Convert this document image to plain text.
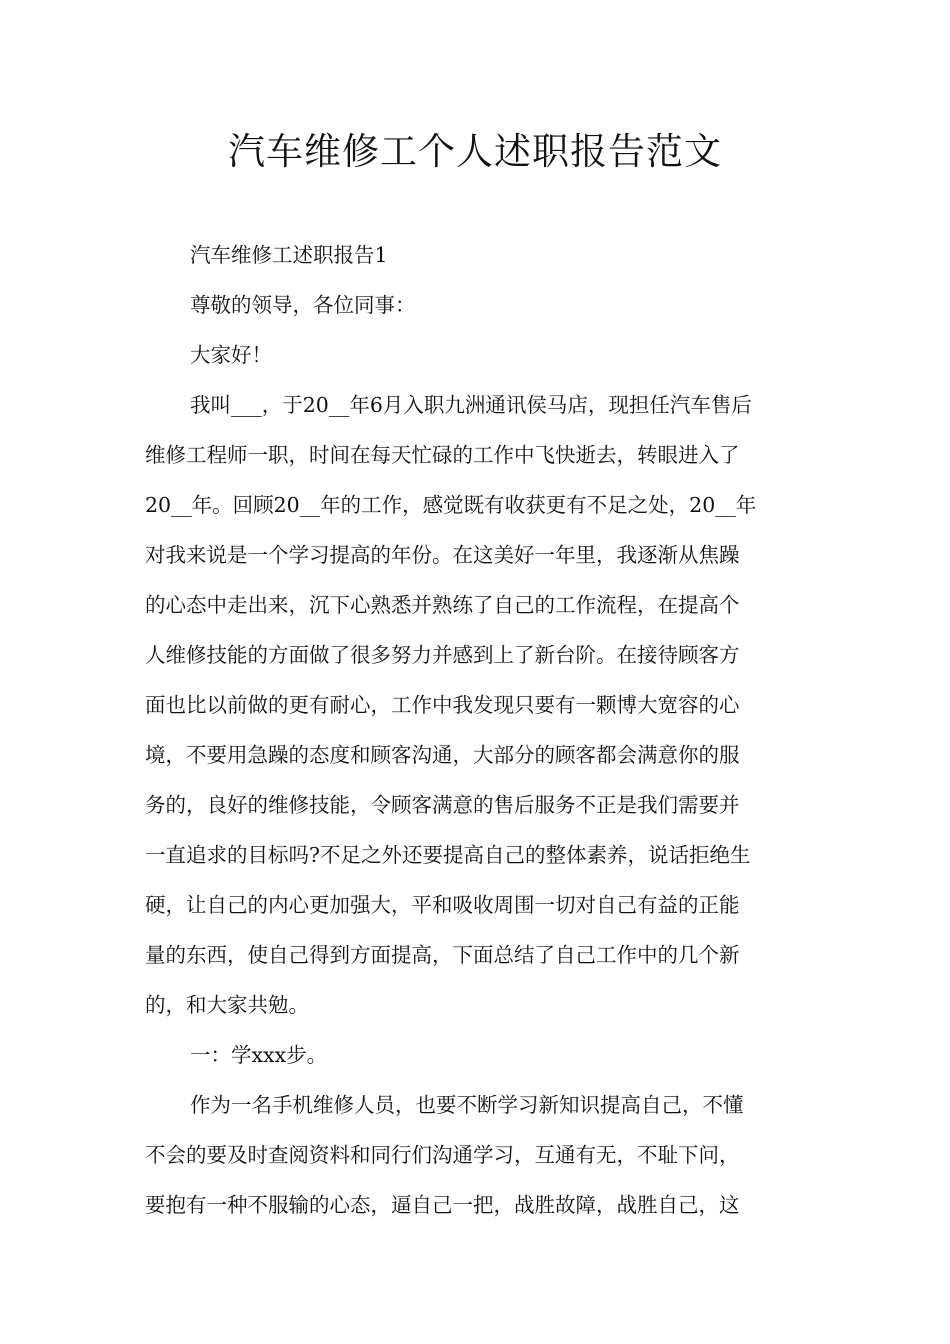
汽车维修工个人述职报告范文

汽车维修工述职报告1

尊敬的领导，各位同事：

大家好！

我叫___，于20__年6月入职九洲通讯侯马店，现担任汽车售后
维修工程师一职，时间在每天忙碌的工作中飞快逝去，转眼进入了
20__年。回顾20__年的工作，感觉既有收获更有不足之处，20__年
对我来说是一个学习提高的年份。在这美好一年里，我逐渐从焦躁
的心态中走出来，沉下心熟悉并熟练了自己的工作流程，在提高个
人维修技能的方面做了很多努力并感到上了新台阶。在接待顾客方
面也比以前做的更有耐心，工作中我发现只要有一颗博大宽容的心
境，不要用急躁的态度和顾客沟通，大部分的顾客都会满意你的服
务的，良好的维修技能，令顾客满意的售后服务不正是我们需要并
一直追求的目标吗?不足之外还要提高自己的整体素养，说话拒绝生
硬，让自己的内心更加强大，平和吸收周围一切对自己有益的正能
量的东西，使自己得到方面提高，下面总结了自己工作中的几个新
的，和大家共勉。

一：学xxx步。

作为一名手机维修人员，也要不断学习新知识提高自己，不懂
不会的要及时查阅资料和同行们沟通学习，互通有无，不耻下问，
要抱有一种不服输的心态，逼自己一把，战胜故障，战胜自己，这
